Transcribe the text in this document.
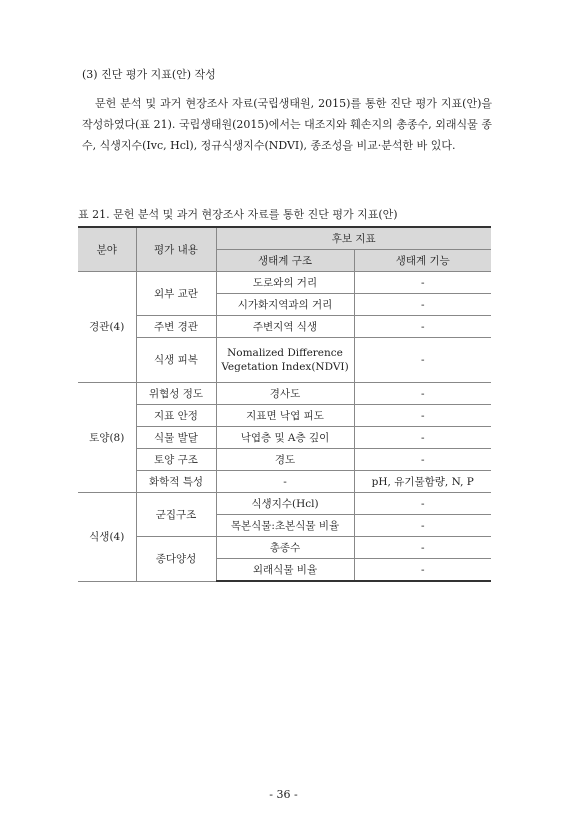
(3) 진단 평가 지표(안) 작성
문헌 분석 및 과거 현장조사 자료(국립생태원, 2015)를 통한 진단 평가 지표(안)을 작성하였다(표 21). 국립생태원(2015)에서는 대조지와 훼손지의 총종수, 외래식물 종수, 식생지수(Ivc, Hcl), 정규식생지수(NDVI), 종조성을 비교·분석한 바 있다.
표 21. 문헌 분석 및 과거 현장조사 자료를 통한 진단 평가 지표(안)
분야	평가 내용	후보 지표	
		생태계 구조	생태계 기능
경관(4)	외부 교란	도로와의 거리	-
		시가화지역과의 거리	-
	주변 경관	주변지역 식생	-
	식생 피복	Nomalized Difference Vegetation Index(NDVI)	-
토양(8)	위협성 정도	경사도	-
	지표 안정	지표면 낙엽 피도	-
	식물 발달	낙엽층 및 A층 깊이	-
	토양 구조	경도	-
	화학적 특성	-	pH, 유기물함량, N, P
식생(4)	군집구조	식생지수(Hcl)	-
		목본식물:초본식물 비율	-
	종다양성	총종수	-
		외래식물 비율	-
- 36 -
